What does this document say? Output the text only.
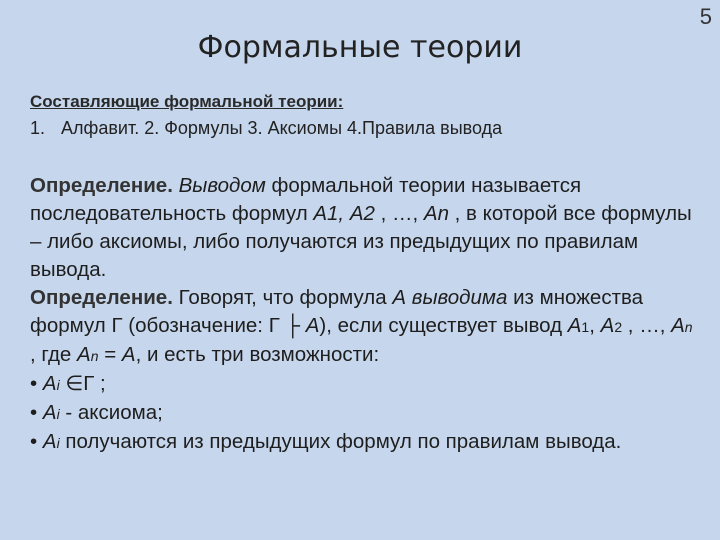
5
Формальные теории
Составляющие формальной теории:
1. Алфавит. 2. Формулы 3. Аксиомы 4.Правила вывода

Определение. Выводом формальной теории называется последовательность формул А1, А2 , …, Аn , в которой все формулы – либо аксиомы, либо получаются из предыдущих по правилам вывода.

Определение. Говорят, что формула А выводима из множества формул Г (обозначение: Г ├ А), если существует вывод А1, А2 , …, Аn , где Аn = А, и есть три возможности:

• Аi ∈Г ;
• Аi - аксиома;
• Аi получаются из предыдущих формул по правилам вывода.
